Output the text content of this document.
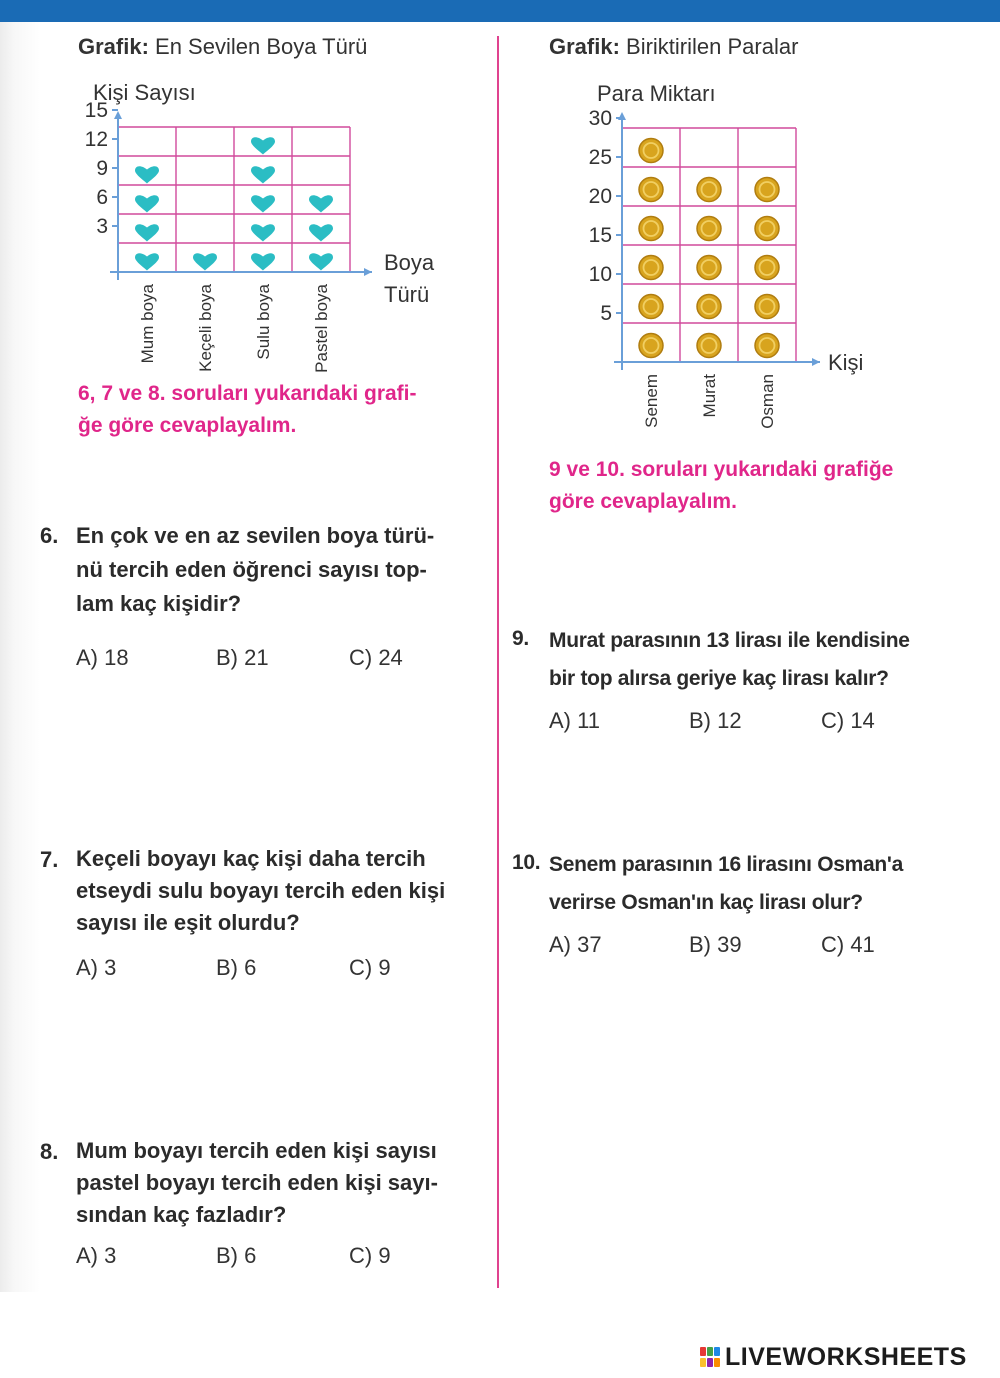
Grafik: En Sevilen Boya Türü
15
12
9
6
3
Kişi Sayısı
Boya
Türü
Mum boya Keçeli boya Sulu boya Pastel boya
6, 7 ve 8. soruları yukarıdaki grafi-
ğe göre cevaplayalım.
Grafik: Biriktirilen Paralar
30
25
20
15
10
5
Para Miktarı
Kişi
Senem Murat Osman
9 ve 10. soruları yukarıdaki grafiğe
göre cevaplayalım.
6. En çok ve en az sevilen boya türü-
nü tercih eden öğrenci sayısı top-
lam kaç kişidir?
A) 18	B) 21	C) 24
7. Keçeli boyayı kaç kişi daha tercih
etseydi sulu boyayı tercih eden kişi
sayısı ile eşit olurdu?
A) 3	B) 6	C) 9
8. Mum boyayı tercih eden kişi sayısı
pastel boyayı tercih eden kişi sayı-
sından kaç fazladır?
A) 3	B) 6	C) 9
9. Murat parasının 13 lirası ile kendisine
bir top alırsa geriye kaç lirası kalır?
A) 11	B) 12	C) 14
10. Senem parasının 16 lirasını Osman'a
verirse Osman'ın kaç lirası olur?
A) 37	B) 39	C) 41
LIVEWORKSHEETS
